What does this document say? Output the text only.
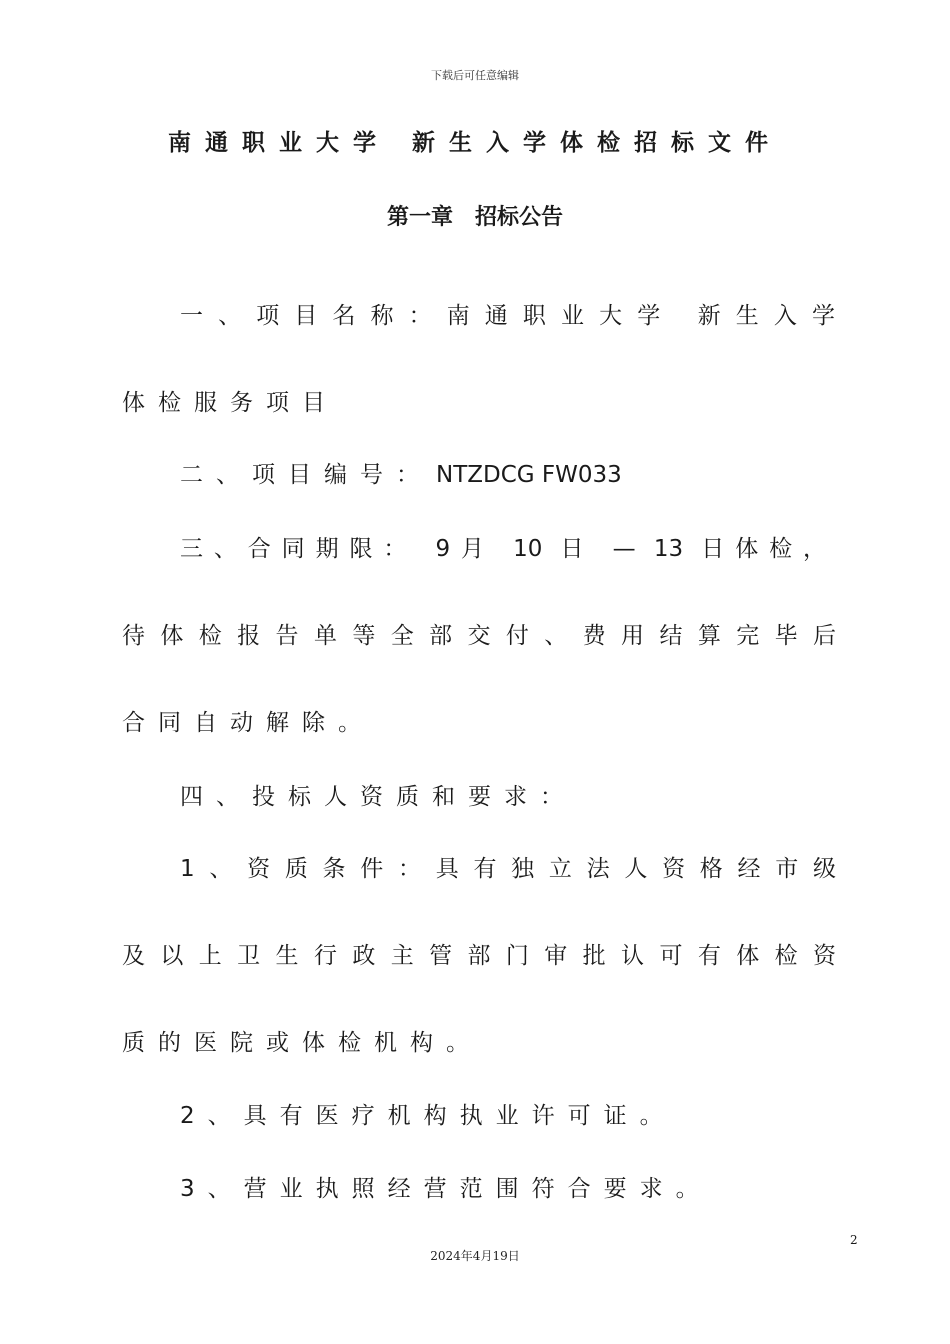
下载后可任意编辑
南通职业大学 新生入学体检招标文件
第一章 招标公告
一、项目名称：南通职业大学 新生入学
体检服务项目
二、项目编号： NTZDCG FW033
三、合同期限： 9月 10 日 — 13 日体检，
待体检报告单等全部交付、费用结算完毕后
合同自动解除。
四、投标人资质和要求：
1、资质条件：具有独立法人资格经市级
及以上卫生行政主管部门审批认可有体检资
质的医院或体检机构。
2、具有医疗机构执业许可证。
3、营业执照经营范围符合要求。
2
2024年4月19日
